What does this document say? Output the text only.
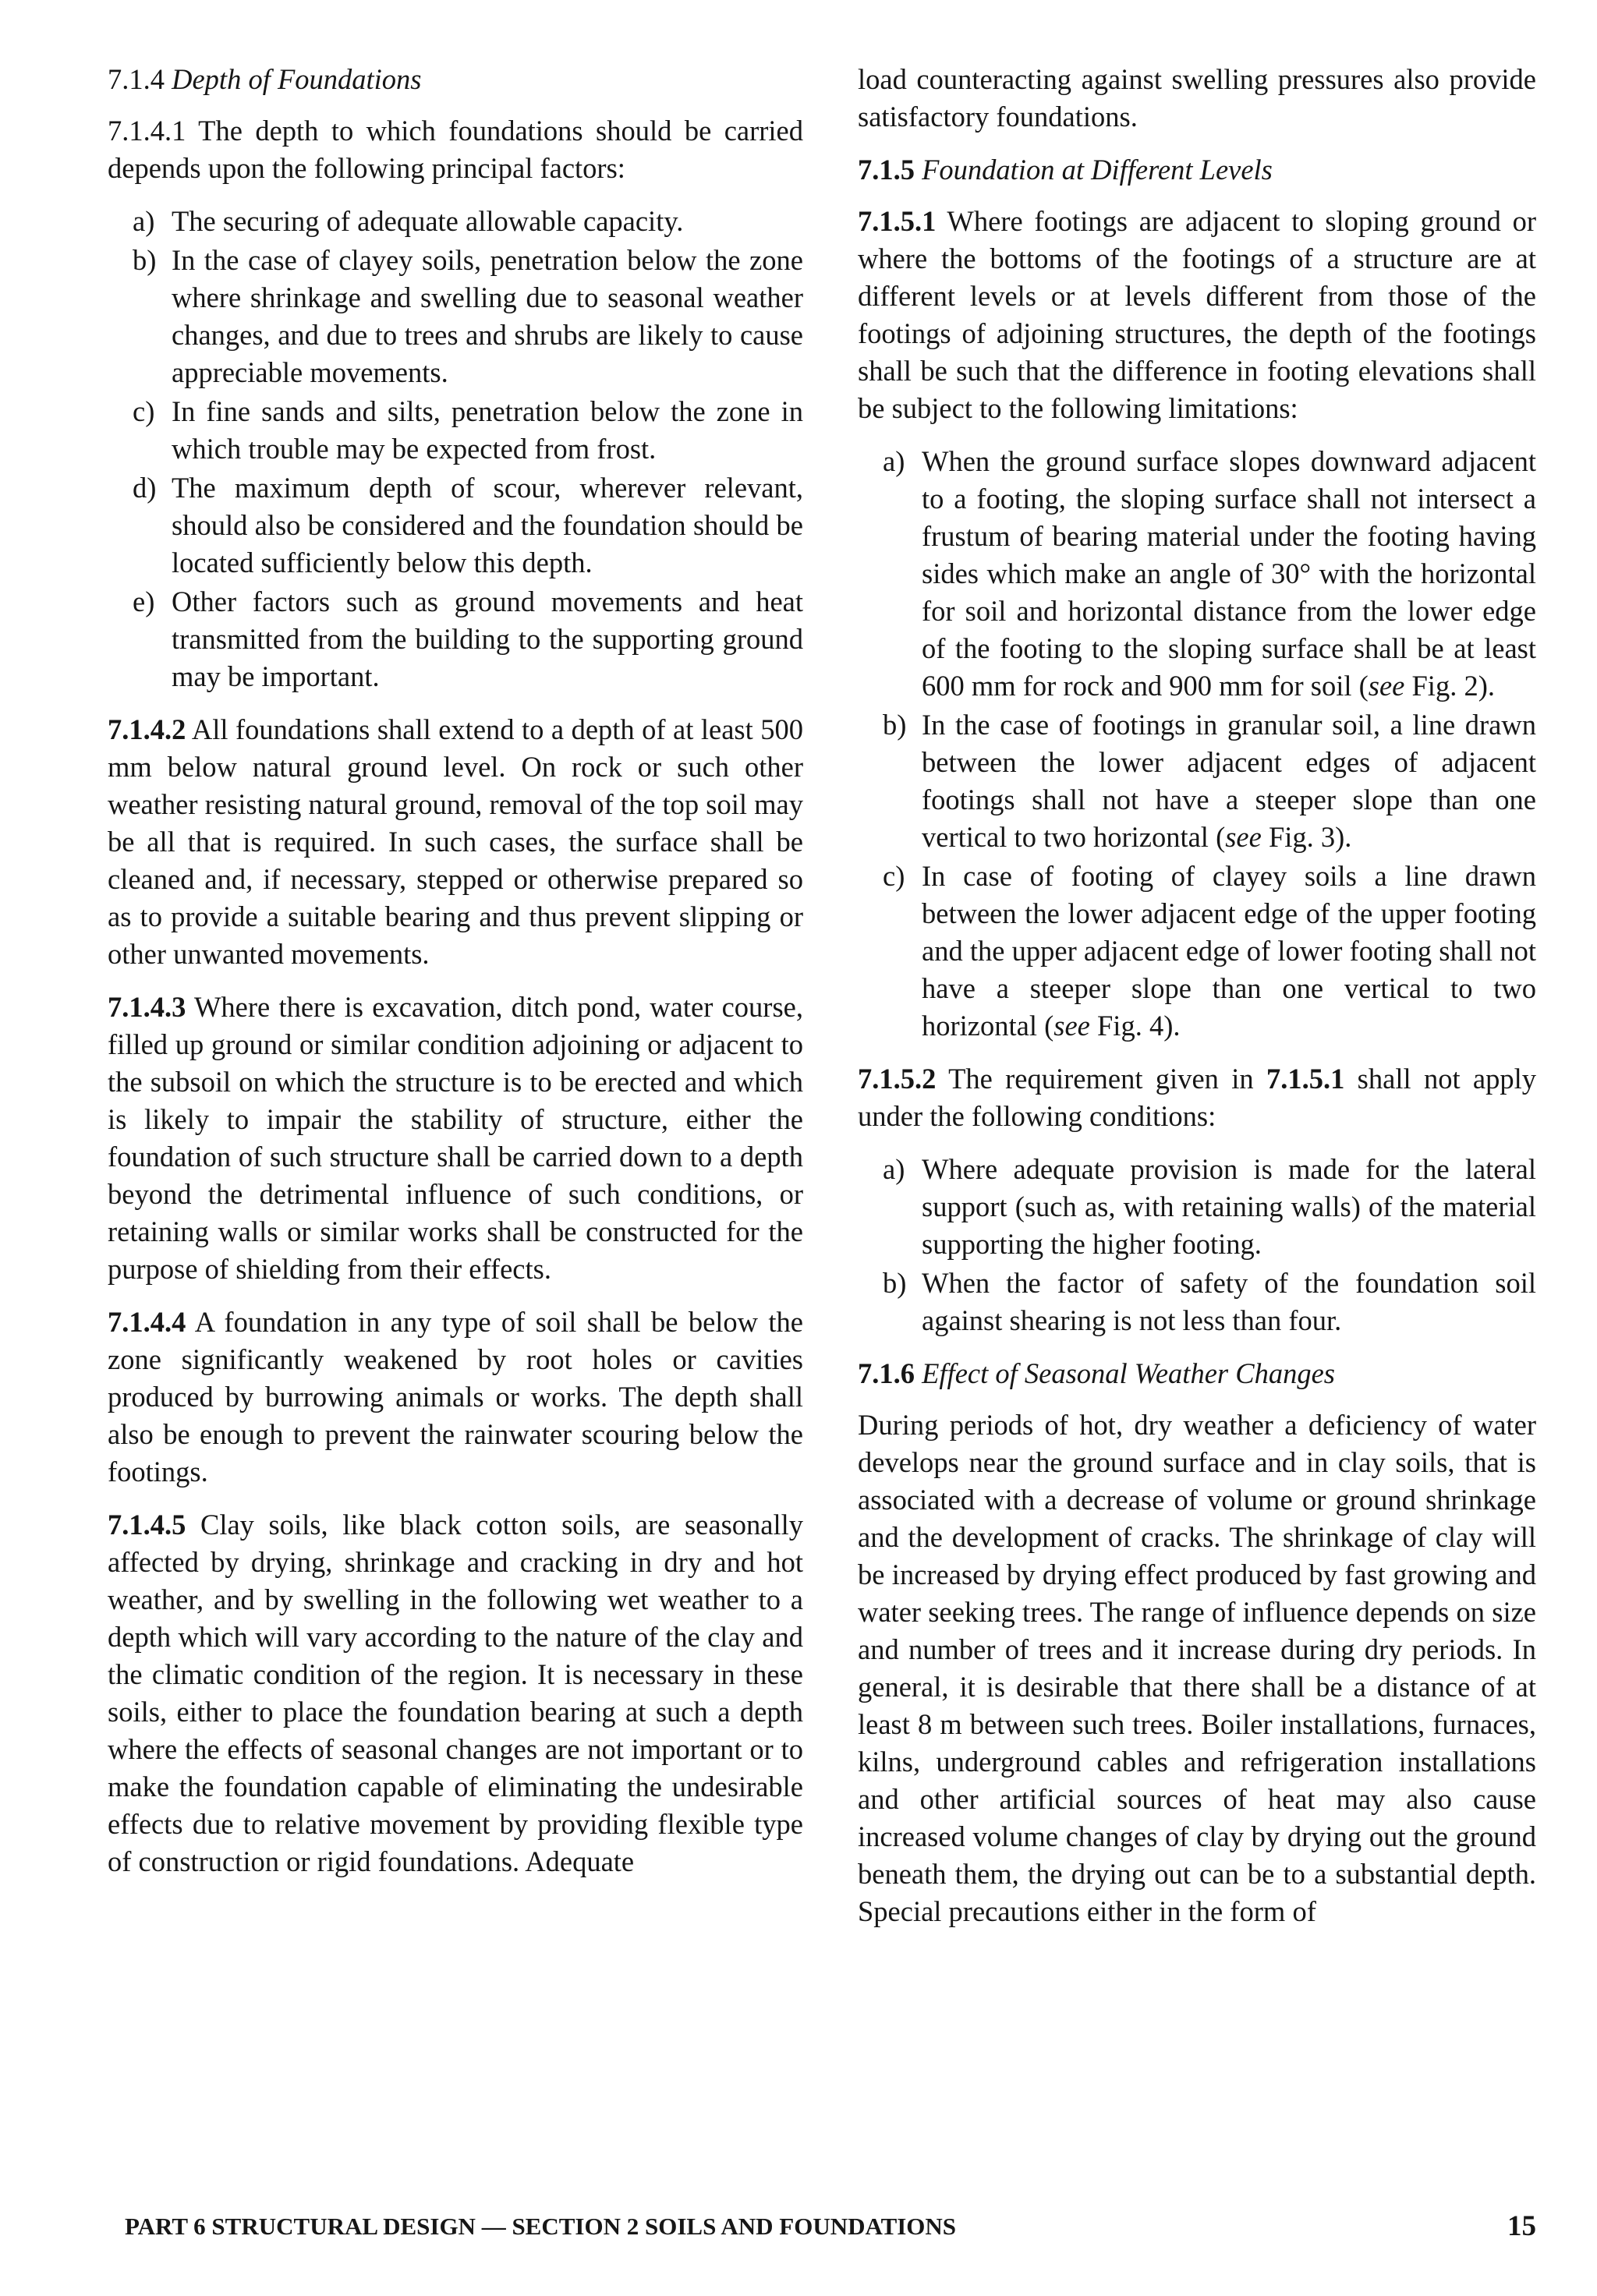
7.1.4 Depth of Foundations
7.1.4.1 The depth to which foundations should be carried depends upon the following principal factors:
a) The securing of adequate allowable capacity.
b) In the case of clayey soils, penetration below the zone where shrinkage and swelling due to seasonal weather changes, and due to trees and shrubs are likely to cause appreciable movements.
c) In fine sands and silts, penetration below the zone in which trouble may be expected from frost.
d) The maximum depth of scour, wherever relevant, should also be considered and the foundation should be located sufficiently below this depth.
e) Other factors such as ground movements and heat transmitted from the building to the supporting ground may be important.
7.1.4.2 All foundations shall extend to a depth of at least 500 mm below natural ground level. On rock or such other weather resisting natural ground, removal of the top soil may be all that is required. In such cases, the surface shall be cleaned and, if necessary, stepped or otherwise prepared so as to provide a suitable bearing and thus prevent slipping or other unwanted movements.
7.1.4.3 Where there is excavation, ditch pond, water course, filled up ground or similar condition adjoining or adjacent to the subsoil on which the structure is to be erected and which is likely to impair the stability of structure, either the foundation of such structure shall be carried down to a depth beyond the detrimental influence of such conditions, or retaining walls or similar works shall be constructed for the purpose of shielding from their effects.
7.1.4.4 A foundation in any type of soil shall be below the zone significantly weakened by root holes or cavities produced by burrowing animals or works. The depth shall also be enough to prevent the rainwater scouring below the footings.
7.1.4.5 Clay soils, like black cotton soils, are seasonally affected by drying, shrinkage and cracking in dry and hot weather, and by swelling in the following wet weather to a depth which will vary according to the nature of the clay and the climatic condition of the region. It is necessary in these soils, either to place the foundation bearing at such a depth where the effects of seasonal changes are not important or to make the foundation capable of eliminating the undesirable effects due to relative movement by providing flexible type of construction or rigid foundations. Adequate
load counteracting against swelling pressures also provide satisfactory foundations.
7.1.5 Foundation at Different Levels
7.1.5.1 Where footings are adjacent to sloping ground or where the bottoms of the footings of a structure are at different levels or at levels different from those of the footings of adjoining structures, the depth of the footings shall be such that the difference in footing elevations shall be subject to the following limitations:
a) When the ground surface slopes downward adjacent to a footing, the sloping surface shall not intersect a frustum of bearing material under the footing having sides which make an angle of 30° with the horizontal for soil and horizontal distance from the lower edge of the footing to the sloping surface shall be at least 600 mm for rock and 900 mm for soil (see Fig. 2).
b) In the case of footings in granular soil, a line drawn between the lower adjacent edges of adjacent footings shall not have a steeper slope than one vertical to two horizontal (see Fig. 3).
c) In case of footing of clayey soils a line drawn between the lower adjacent edge of the upper footing and the upper adjacent edge of lower footing shall not have a steeper slope than one vertical to two horizontal (see Fig. 4).
7.1.5.2 The requirement given in 7.1.5.1 shall not apply under the following conditions:
a) Where adequate provision is made for the lateral support (such as, with retaining walls) of the material supporting the higher footing.
b) When the factor of safety of the foundation soil against shearing is not less than four.
7.1.6 Effect of Seasonal Weather Changes
During periods of hot, dry weather a deficiency of water develops near the ground surface and in clay soils, that is associated with a decrease of volume or ground shrinkage and the development of cracks. The shrinkage of clay will be increased by drying effect produced by fast growing and water seeking trees. The range of influence depends on size and number of trees and it increase during dry periods. In general, it is desirable that there shall be a distance of at least 8 m between such trees. Boiler installations, furnaces, kilns, underground cables and refrigeration installations and other artificial sources of heat may also cause increased volume changes of clay by drying out the ground beneath them, the drying out can be to a substantial depth. Special precautions either in the form of
PART 6 STRUCTURAL DESIGN — SECTION 2 SOILS AND FOUNDATIONS	15
